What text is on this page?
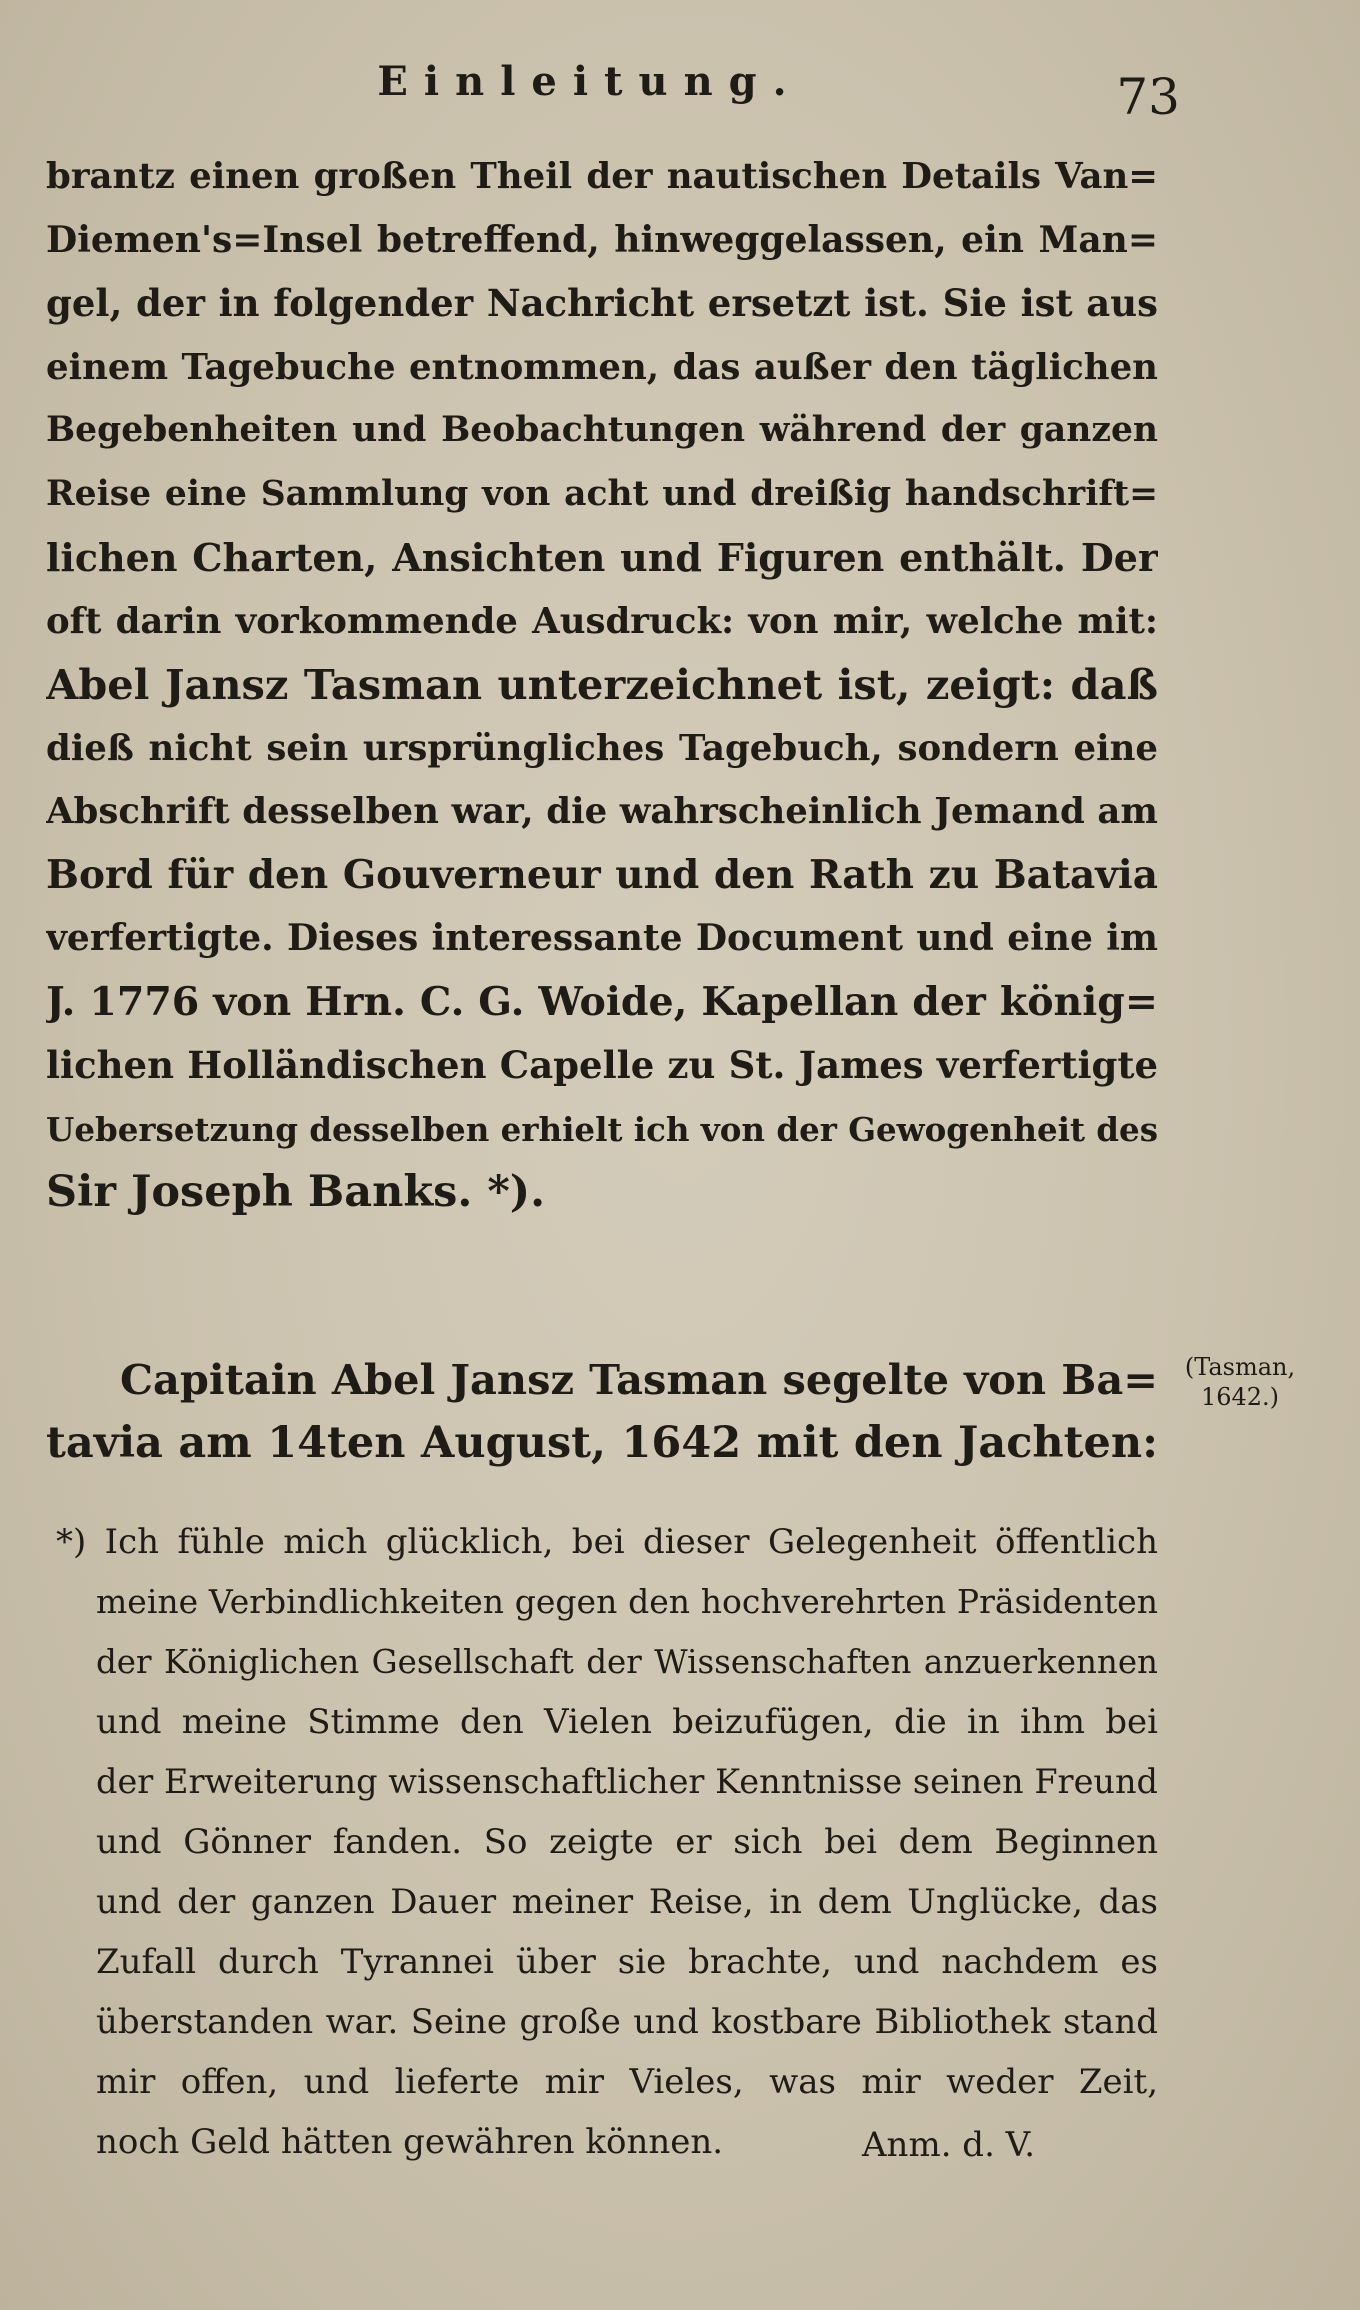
Einleitung.	73
brantz einen großen Theil der nautischen Details Van=
Diemen's=Insel betreffend, hinweggelassen, ein Man=
gel, der in folgender Nachricht ersetzt ist. Sie ist aus
einem Tagebuche entnommen, das außer den täglichen
Begebenheiten und Beobachtungen während der ganzen
Reise eine Sammlung von acht und dreißig handschrift=
lichen Charten, Ansichten und Figuren enthält. Der
oft darin vorkommende Ausdruck: von mir, welche mit:
Abel Jansz Tasman unterzeichnet ist, zeigt: daß
dieß nicht sein ursprüngliches Tagebuch, sondern eine
Abschrift desselben war, die wahrscheinlich Jemand am
Bord für den Gouverneur und den Rath zu Batavia
verfertigte. Dieses interessante Document und eine im
J. 1776 von Hrn. C. G. Woide, Kapellan der könig=
lichen Holländischen Capelle zu St. James verfertigte
Uebersetzung desselben erhielt ich von der Gewogenheit des
Sir Joseph Banks. *).
Capitain Abel Jansz Tasman segelte von Ba=
tavia am 14ten August, 1642 mit den Jachten:
(Tasman,
1642.)
*) Ich fühle mich glücklich, bei dieser Gelegenheit öffentlich
meine Verbindlichkeiten gegen den hochverehrten Präsidenten
der Königlichen Gesellschaft der Wissenschaften anzuerkennen
und meine Stimme den Vielen beizufügen, die in ihm bei
der Erweiterung wissenschaftlicher Kenntnisse seinen Freund
und Gönner fanden. So zeigte er sich bei dem Beginnen
und der ganzen Dauer meiner Reise, in dem Unglücke, das
Zufall durch Tyrannei über sie brachte, und nachdem es
überstanden war. Seine große und kostbare Bibliothek stand
mir offen, und lieferte mir Vieles, was mir weder Zeit,
noch Geld hätten gewähren können.	Anm. d. V.
